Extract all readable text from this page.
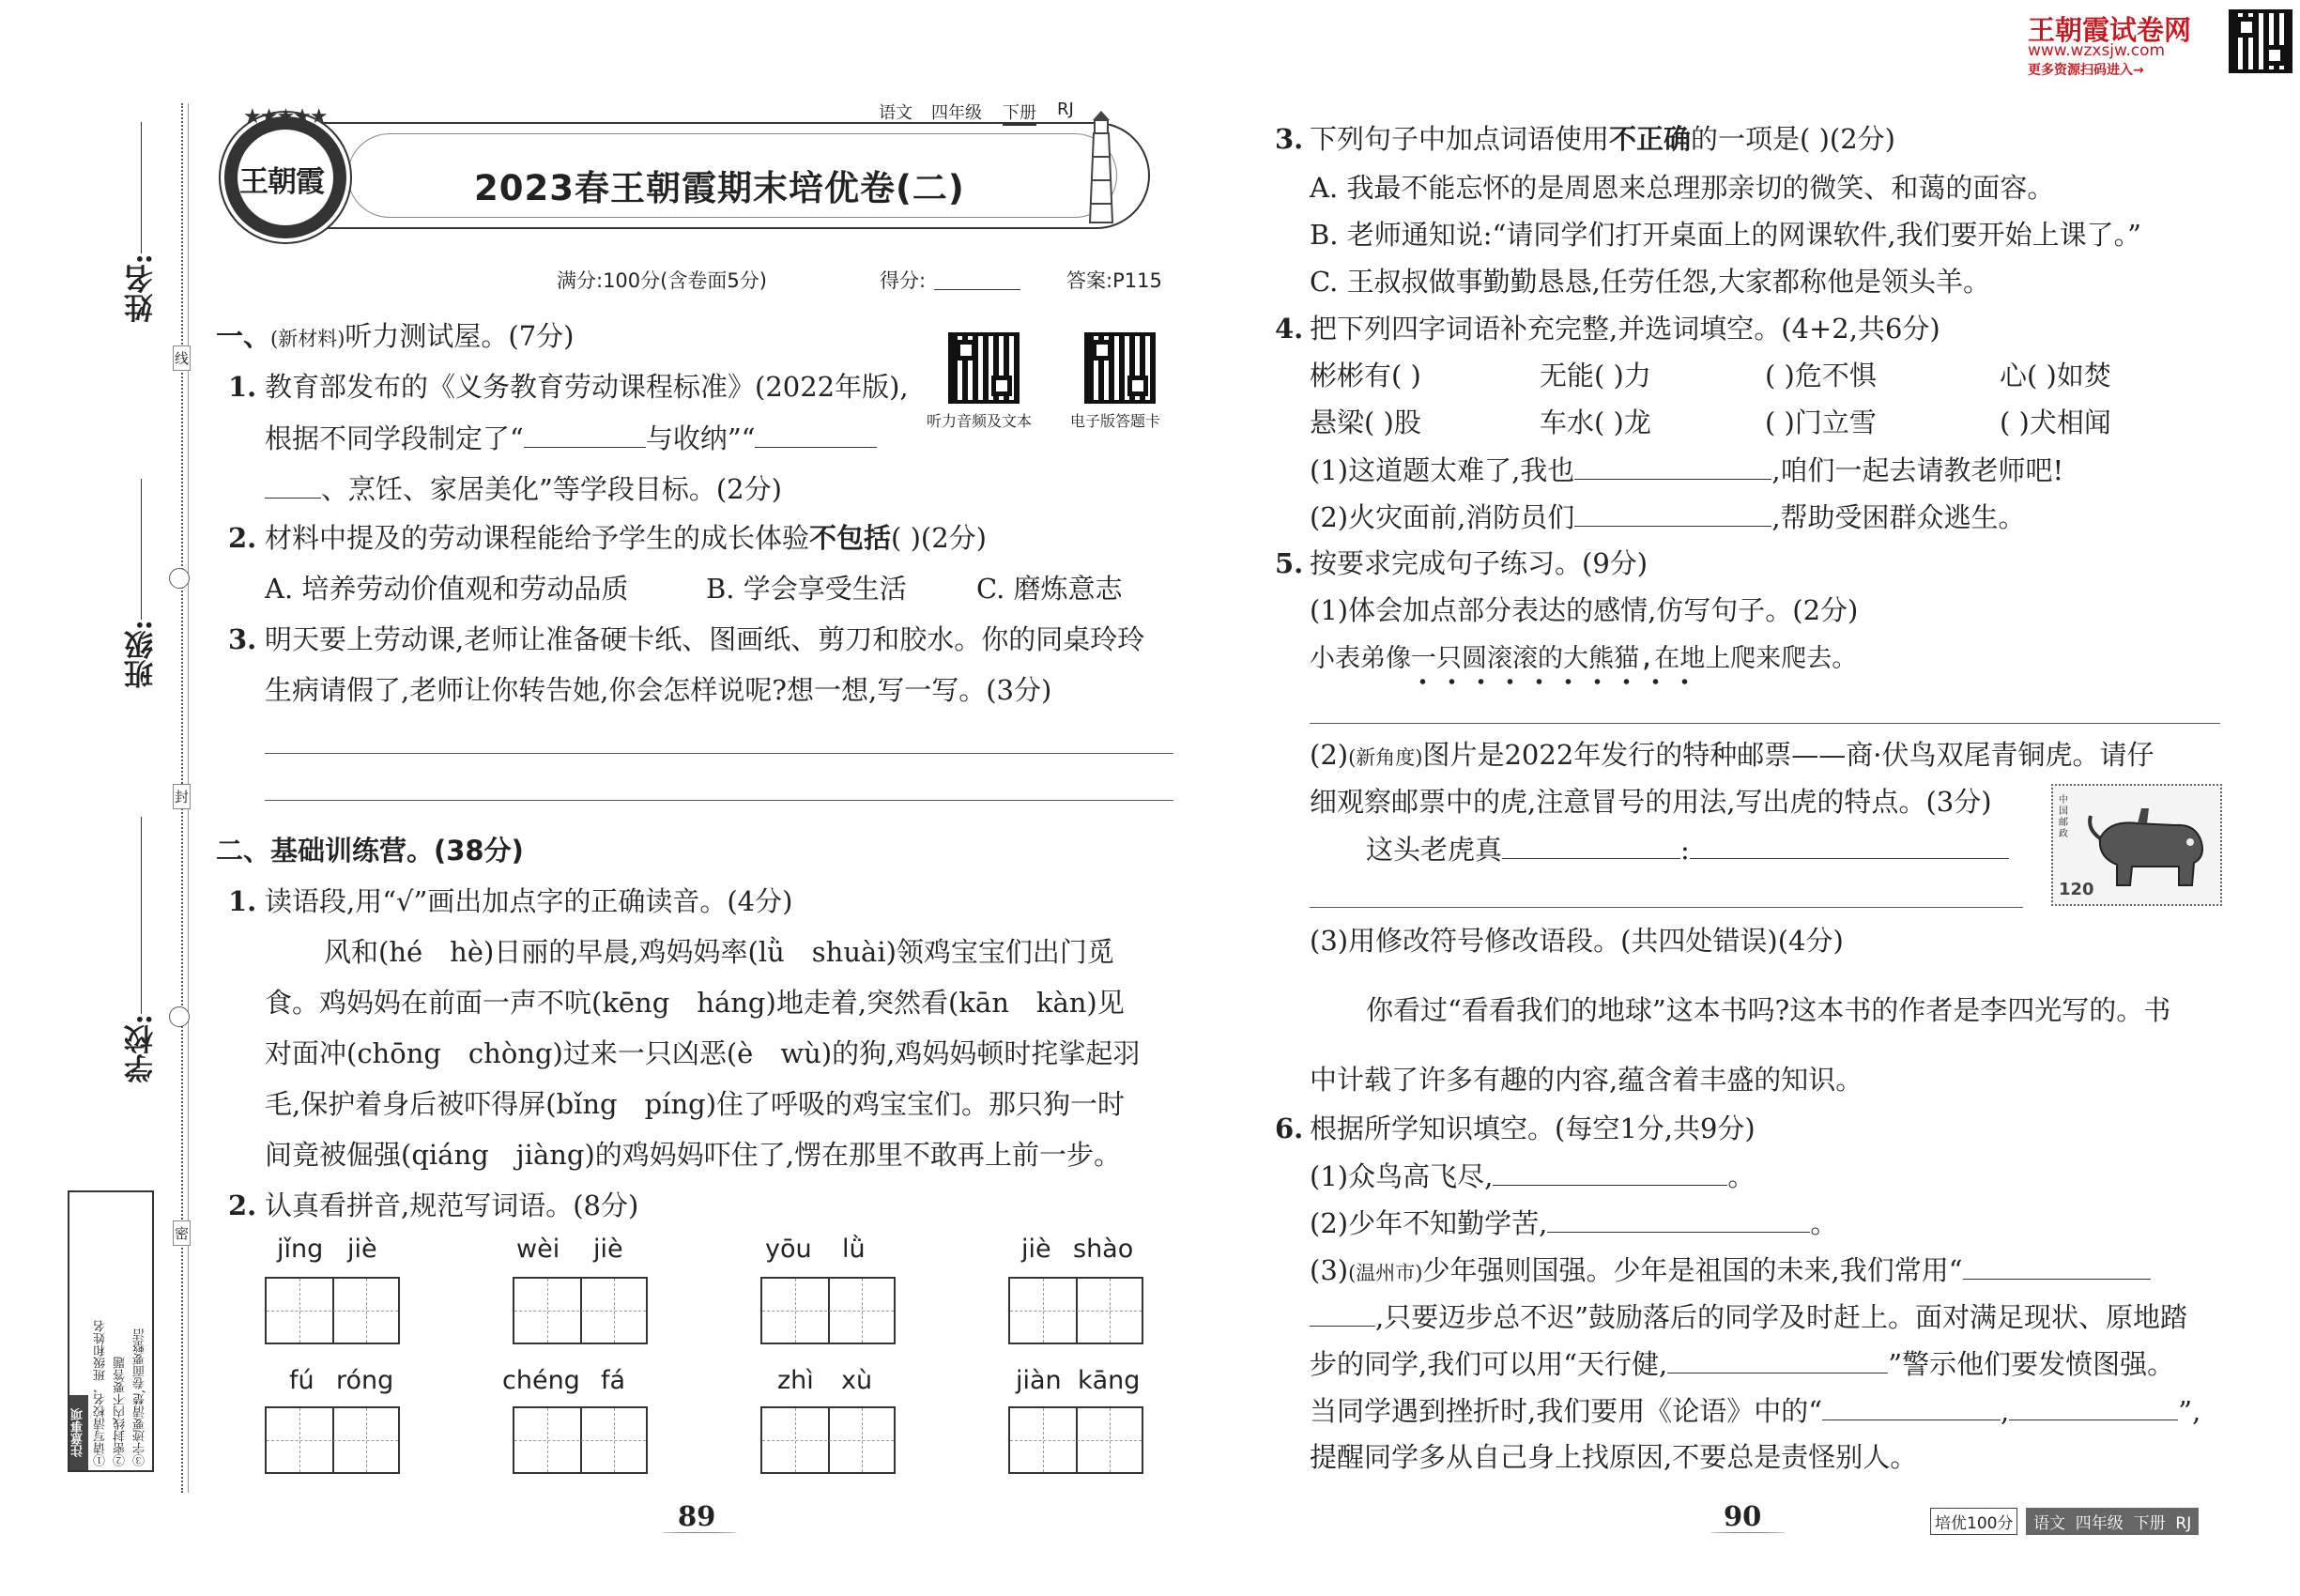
王朝霞试卷网
www.wzxsjw.com
更多资源扫码进入→
姓名:
班级:
学校:
线
封
密
注意事项 ①请写清校名、班级和姓名 ②密封线内不要答题 ③字迹要清楚,卷面要整洁
★★★★★
王朝霞
语文 四年级 下册 RJ
2023春王朝霞期末培优卷(二)
满分:100分(含卷面5分)	得分:	答案:P115
一、(新材料)听力测试屋。(7分)
听力音频及文本	电子版答题卡
1. 教育部发布的《义务教育劳动课程标准》(2022年版),
根据不同学段制定了“	与收纳”“
、烹饪、家居美化”等学段目标。(2分)
2. 材料中提及的劳动课程能给予学生的成长体验不包括( )(2分)
A. 培养劳动价值观和劳动品质	B. 学会享受生活	C. 磨炼意志
3. 明天要上劳动课,老师让准备硬卡纸、图画纸、剪刀和胶水。你的同桌玲玲
生病请假了,老师让你转告她,你会怎样说呢?想一想,写一写。(3分)
二、基础训练营。(38分)
1. 读语段,用“√”画出加点字的正确读音。(4分)
风和(hé　hè)日丽的早晨,鸡妈妈率(lǜ　shuài)领鸡宝宝们出门觅
食。鸡妈妈在前面一声不吭(kēng　háng)地走着,突然看(kān　kàn)见
对面冲(chōng　chòng)过来一只凶恶(è　wù)的狗,鸡妈妈顿时挓挲起羽
毛,保护着身后被吓得屏(bǐng　píng)住了呼吸的鸡宝宝们。那只狗一时
间竟被倔强(qiáng　jiàng)的鸡妈妈吓住了,愣在那里不敢再上前一步。
2. 认真看拼音,规范写词语。(8分)
jǐng jiè	wèi jiè	yōu lǜ	jiè shào
fú róng	chéng fá	zhì xù	jiàn kāng
89
3. 下列句子中加点词语使用不正确的一项是( )(2分)
A. 我最不能忘怀的是周恩来总理那亲切的微笑、和蔼的面容。
B. 老师通知说:“请同学们打开桌面上的网课软件,我们要开始上课了。”
C. 王叔叔做事勤勤恳恳,任劳任怨,大家都称他是领头羊。
4. 把下列四字词语补充完整,并选词填空。(4+2,共6分)
彬彬有( )	无能( )力	( )危不惧	心( )如焚
悬梁( )股	车水( )龙	( )门立雪	( )犬相闻
(1)这道题太难了,我也	,咱们一起去请教老师吧!
(2)火灾面前,消防员们	,帮助受困群众逃生。
5. 按要求完成句子练习。(9分)
(1)体会加点部分表达的感情,仿写句子。(2分)
小表弟像一只圆滚滚的大熊猫,在地上爬来爬去。
(2)(新角度)图片是2022年发行的特种邮票——商·伏鸟双尾青铜虎。请仔
细观察邮票中的虎,注意冒号的用法,写出虎的特点。(3分)
这头老虎真	:
中国邮政
120
(3)用修改符号修改语段。(共四处错误)(4分)
你看过“看看我们的地球”这本书吗?这本书的作者是李四光写的。书
中计载了许多有趣的内容,蕴含着丰盛的知识。
6. 根据所学知识填空。(每空1分,共9分)
(1)众鸟高飞尽,	。
(2)少年不知勤学苦,	。
(3)(温州市)少年强则国强。少年是祖国的未来,我们常用“
,只要迈步总不迟”鼓励落后的同学及时赶上。面对满足现状、原地踏
步的同学,我们可以用“天行健,	”警示他们要发愤图强。
当同学遇到挫折时,我们要用《论语》中的“	,	”,
提醒同学多从自己身上找原因,不要总是责怪别人。
90	培优100分	语文  四年级  下册  RJ
